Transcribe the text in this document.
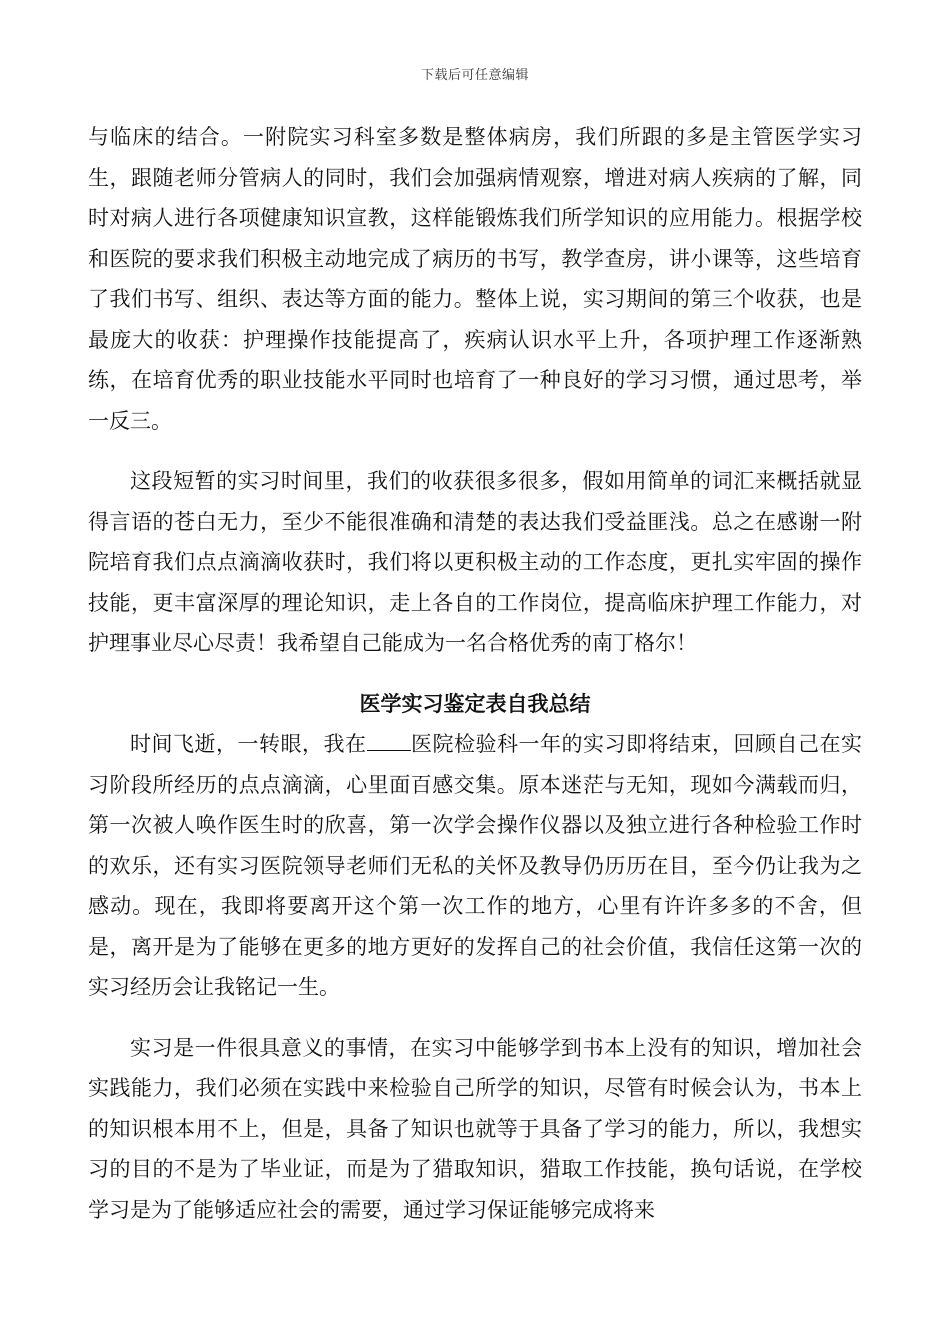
下载后可任意编辑

与临床的结合。一附院实习科室多数是整体病房，我们所跟的多是主管医学实习生，跟随老师分管病人的同时，我们会加强病情观察，增进对病人疾病的了解，同时对病人进行各项健康知识宣教，这样能锻炼我们所学知识的应用能力。根据学校和医院的要求我们积极主动地完成了病历的书写，教学查房，讲小课等，这些培育了我们书写、组织、表达等方面的能力。整体上说，实习期间的第三个收获，也是最庞大的收获：护理操作技能提高了，疾病认识水平上升，各项护理工作逐渐熟练，在培育优秀的职业技能水平同时也培育了一种良好的学习习惯，通过思考，举一反三。

这段短暂的实习时间里，我们的收获很多很多，假如用简单的词汇来概括就显得言语的苍白无力，至少不能很准确和清楚的表达我们受益匪浅。总之在感谢一附院培育我们点点滴滴收获时，我们将以更积极主动的工作态度，更扎实牢固的操作技能，更丰富深厚的理论知识，走上各自的工作岗位，提高临床护理工作能力，对护理事业尽心尽责！我希望自己能成为一名合格优秀的南丁格尔！

医学实习鉴定表自我总结

时间飞逝，一转眼，我在 医院检验科一年的实习即将结束，回顾自己在实习阶段所经历的点点滴滴，心里面百感交集。原本迷茫与无知，现如今满载而归，第一次被人唤作医生时的欣喜，第一次学会操作仪器以及独立进行各种检验工作时的欢乐，还有实习医院领导老师们无私的关怀及教导仍历历在目，至今仍让我为之感动。现在，我即将要离开这个第一次工作的地方，心里有许许多多的不舍，但是，离开是为了能够在更多的地方更好的发挥自己的社会价值，我信任这第一次的实习经历会让我铭记一生。

实习是一件很具意义的事情，在实习中能够学到书本上没有的知识，增加社会实践能力，我们必须在实践中来检验自己所学的知识，尽管有时候会认为，书本上的知识根本用不上，但是，具备了知识也就等于具备了学习的能力，所以，我想实习的目的不是为了毕业证，而是为了猎取知识，猎取工作技能，换句话说，在学校学习是为了能够适应社会的需要，通过学习保证能够完成将来
